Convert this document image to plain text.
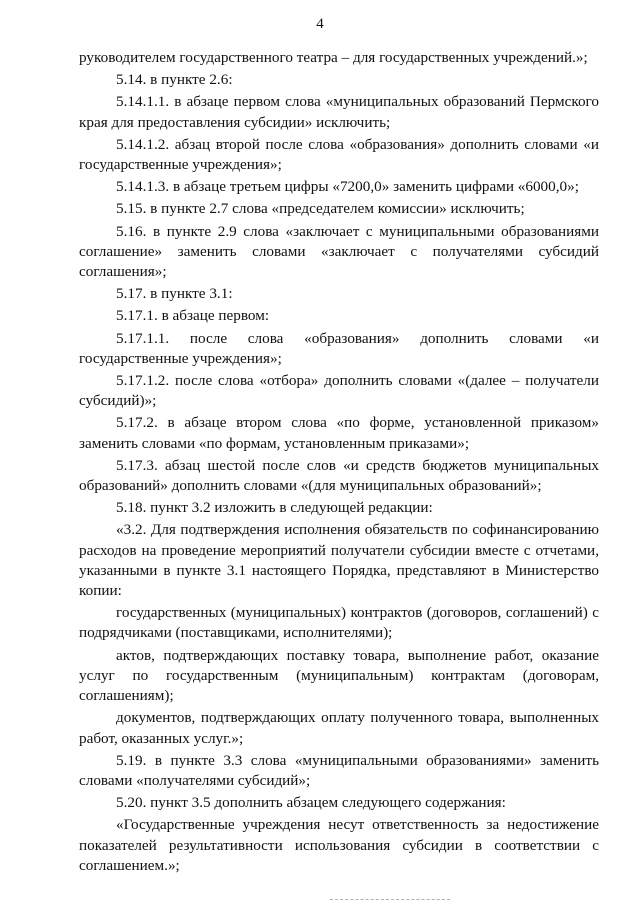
4

руководителем государственного театра – для государственных учреждений.»;

5.14. в пункте 2.6:

5.14.1.1. в абзаце первом слова «муниципальных образований Пермского края для предоставления субсидии» исключить;

5.14.1.2. абзац второй после слова «образования» дополнить словами «и государственные учреждения»;

5.14.1.3. в абзаце третьем цифры «7200,0» заменить цифрами «6000,0»;

5.15. в пункте 2.7 слова «председателем комиссии» исключить;

5.16. в пункте 2.9 слова «заключает с муниципальными образованиями соглашение» заменить словами «заключает с получателями субсидий соглашения»;

5.17. в пункте 3.1:

5.17.1. в абзаце первом:

5.17.1.1. после слова «образования» дополнить словами «и государственные учреждения»;

5.17.1.2. после слова «отбора» дополнить словами «(далее – получатели субсидий)»;

5.17.2. в абзаце втором слова «по форме, установленной приказом» заменить словами «по формам, установленным приказами»;

5.17.3. абзац шестой после слов «и средств бюджетов муниципальных образований» дополнить словами «(для муниципальных образований»;

5.18. пункт 3.2 изложить в следующей редакции:

«3.2. Для подтверждения исполнения обязательств по софинансированию расходов на проведение мероприятий получатели субсидии вместе с отчетами, указанными в пункте 3.1 настоящего Порядка, представляют в Министерство копии:

государственных (муниципальных) контрактов (договоров, соглашений) с подрядчиками (поставщиками, исполнителями);

актов, подтверждающих поставку товара, выполнение работ, оказание услуг по государственным (муниципальным) контрактам (договорам, соглашениям);

документов, подтверждающих оплату полученного товара, выполненных работ, оказанных услуг.»;

5.19. в пункте 3.3 слова «муниципальными образованиями» заменить словами «получателями субсидий»;

5.20. пункт 3.5 дополнить абзацем следующего содержания:

«Государственные учреждения несут ответственность за недостижение показателей результативности использования субсидии в соответствии с соглашением.»;
